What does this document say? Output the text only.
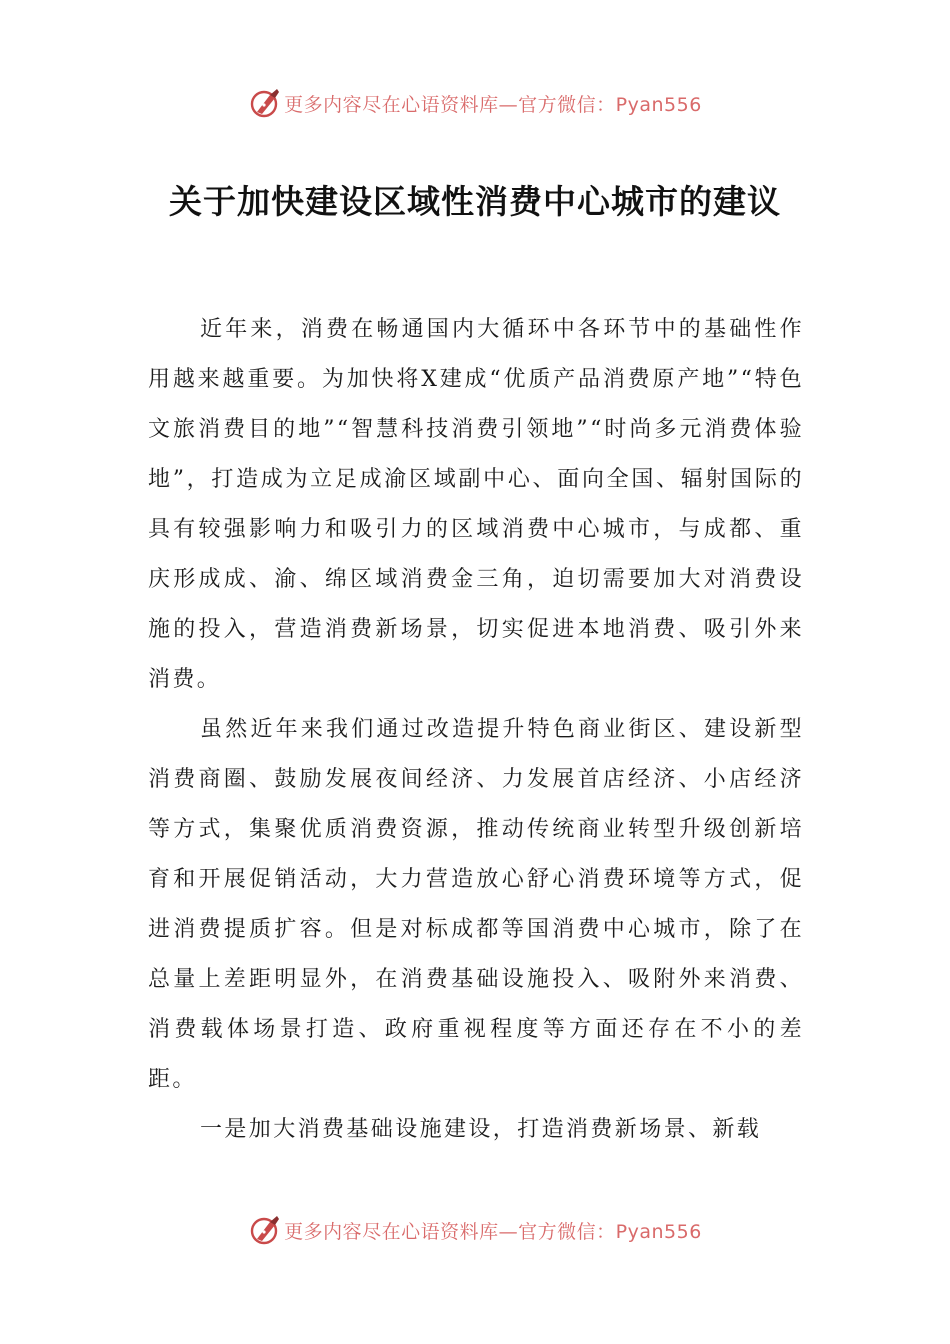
更多内容尽在心语资料库—官方微信：Pyan556
关于加快建设区域性消费中心城市的建议

近年来，消费在畅通国内大循环中各环节中的基础性作用越来越重要。为加快将X建成“优质产品消费原产地”“特色文旅消费目的地”“智慧科技消费引领地”“时尚多元消费体验地”，打造成为立足成渝区域副中心、面向全国、辐射国际的具有较强影响力和吸引力的区域消费中心城市，与成都、重庆形成成、渝、绵区域消费金三角，迫切需要加大对消费设施的投入，营造消费新场景，切实促进本地消费、吸引外来消费。

虽然近年来我们通过改造提升特色商业街区、建设新型消费商圈、鼓励发展夜间经济、力发展首店经济、小店经济等方式，集聚优质消费资源，推动传统商业转型升级创新培育和开展促销活动，大力营造放心舒心消费环境等方式，促进消费提质扩容。但是对标成都等国消费中心城市，除了在总量上差距明显外，在消费基础设施投入、吸附外来消费、消费载体场景打造、政府重视程度等方面还存在不小的差距。

一是加大消费基础设施建设，打造消费新场景、新载

更多内容尽在心语资料库—官方微信：Pyan556
